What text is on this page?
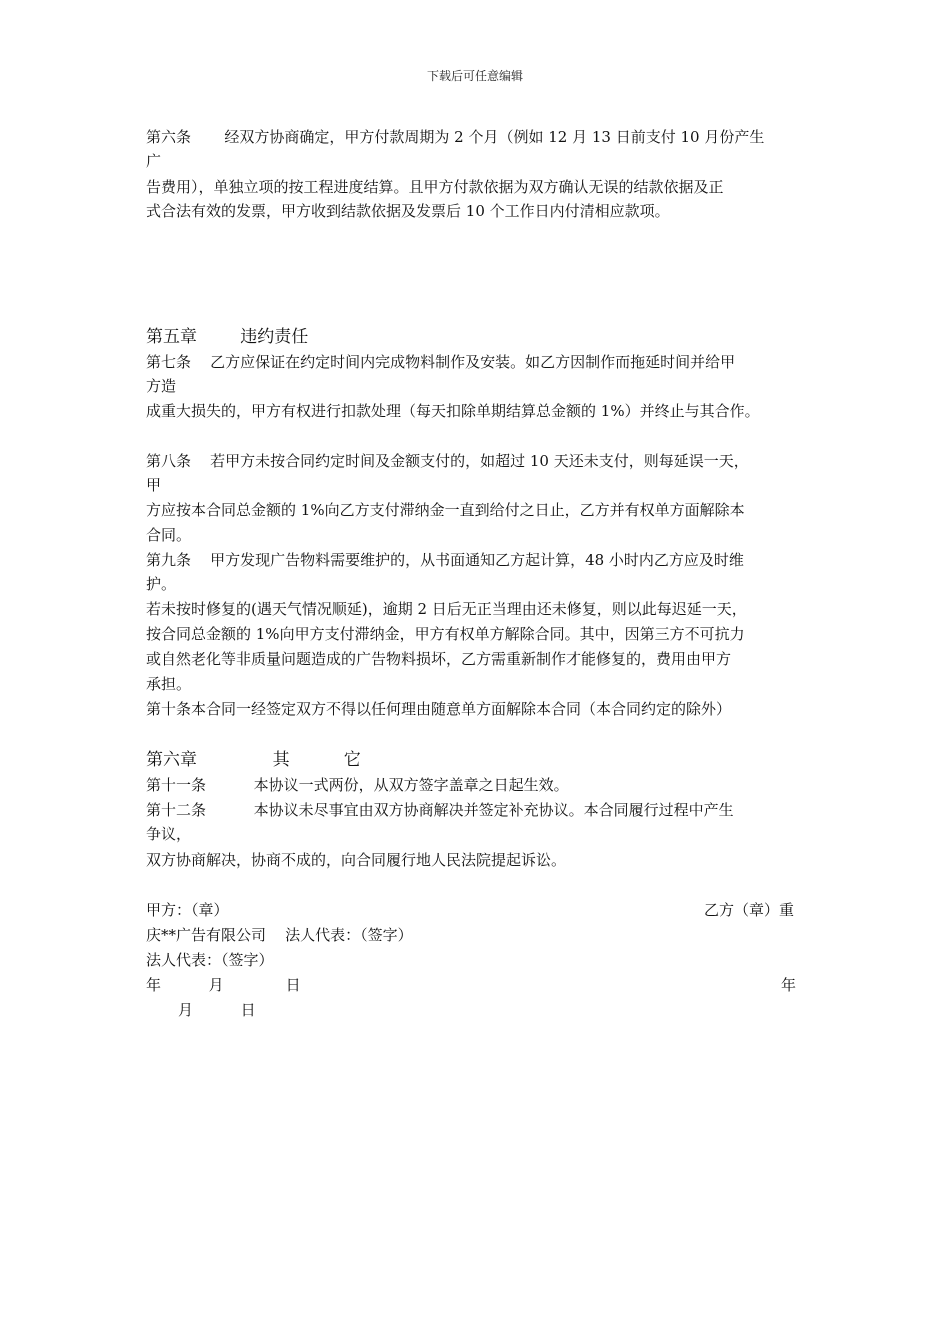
下载后可任意编辑
第六条       经双方协商确定，甲方付款周期为 2 个月（例如 12 月 13 日前支付 10 月份产生
广
告费用），单独立项的按工程进度结算。且甲方付款依据为双方确认无误的结款依据及正
式合法有效的发票，甲方收到结款依据及发票后 10 个工作日内付清相应款项。
第五章        违约责任
第七条    乙方应保证在约定时间内完成物料制作及安装。如乙方因制作而拖延时间并给甲
方造
成重大损失的，甲方有权进行扣款处理（每天扣除单期结算总金额的 1%）并终止与其合作。
第八条    若甲方未按合同约定时间及金额支付的，如超过 10 天还未支付，则每延误一天，
甲
方应按本合同总金额的 1%向乙方支付滞纳金一直到给付之日止，乙方并有权单方面解除本
合同。
第九条    甲方发现广告物料需要维护的，从书面通知乙方起计算，48 小时内乙方应及时维
护。
若未按时修复的(遇天气情况顺延)，逾期 2 日后无正当理由还未修复，则以此每迟延一天，
按合同总金额的 1%向甲方支付滞纳金，甲方有权单方解除合同。其中，因第三方不可抗力
或自然老化等非质量问题造成的广告物料损坏，乙方需重新制作才能修复的，费用由甲方
承担。
第十条本合同一经签定双方不得以任何理由随意单方面解除本合同（本合同约定的除外）
第六章              其          它
第十一条          本协议一式两份，从双方签字盖章之日起生效。
第十二条          本协议未尽事宜由双方协商解决并签定补充协议。本合同履行过程中产生
争议，
双方协商解决，协商不成的，向合同履行地人民法院提起诉讼。
甲方：（章）	乙方（章）重
庆**广告有限公司    法人代表：（签字）
法人代表：（签字）
年          月             日	年
月          日
